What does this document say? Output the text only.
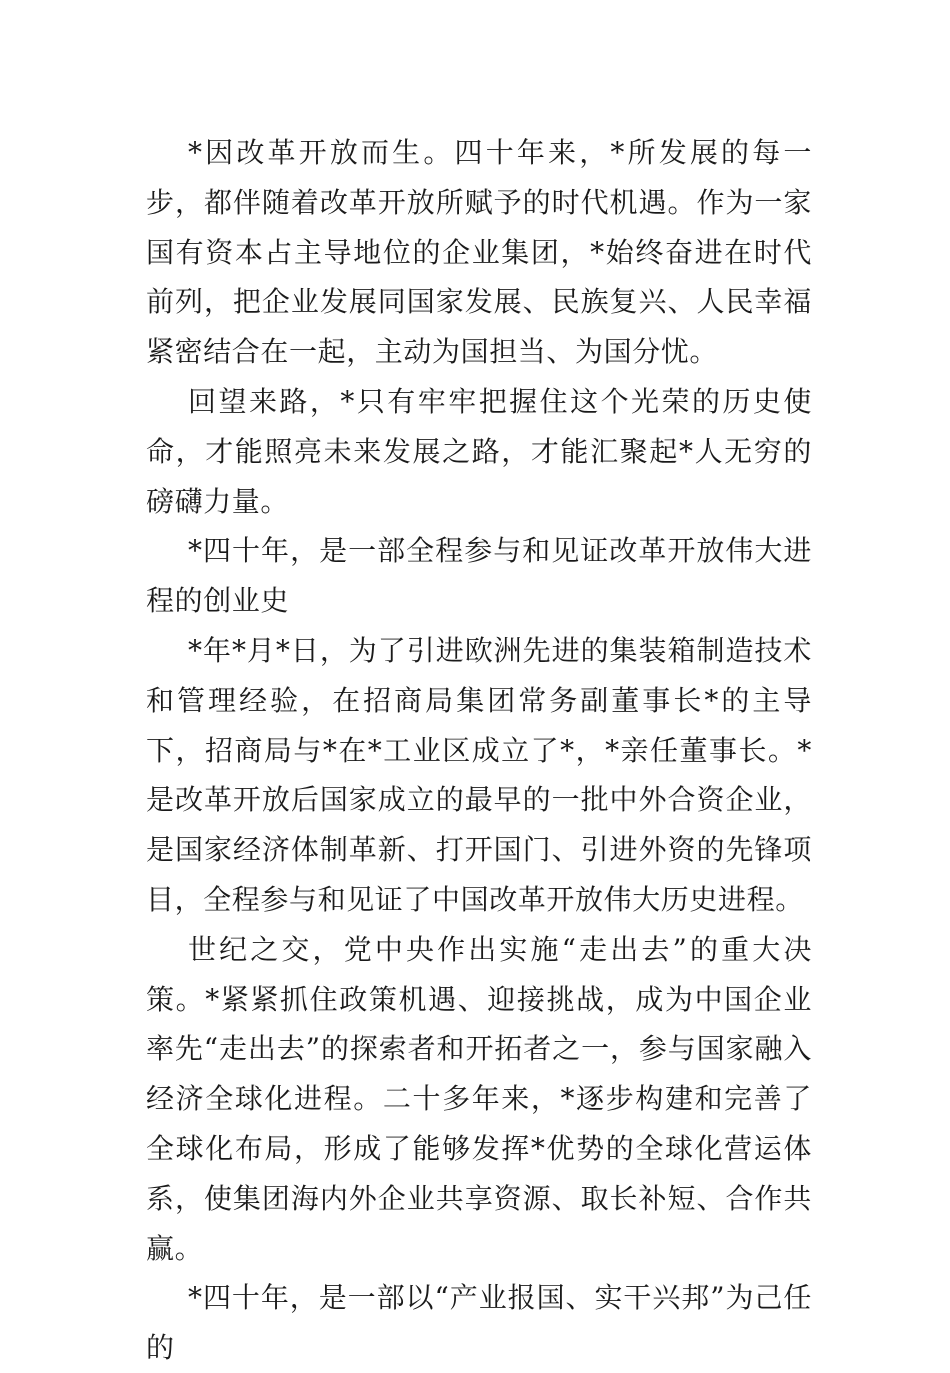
*因改革开放而生。四十年来，*所发展的每一步，都伴随着改革开放所赋予的时代机遇。作为一家国有资本占主导地位的企业集团，*始终奋进在时代前列，把企业发展同国家发展、民族复兴、人民幸福紧密结合在一起，主动为国担当、为国分忧。

回望来路，*只有牢牢把握住这个光荣的历史使命，才能照亮未来发展之路，才能汇聚起*人无穷的磅礴力量。

*四十年，是一部全程参与和见证改革开放伟大进程的创业史

*年*月*日，为了引进欧洲先进的集装箱制造技术和管理经验，在招商局集团常务副董事长*的主导下，招商局与*在*工业区成立了*，*亲任董事长。*是改革开放后国家成立的最早的一批中外合资企业，是国家经济体制革新、打开国门、引进外资的先锋项目，全程参与和见证了中国改革开放伟大历史进程。

世纪之交，党中央作出实施“走出去”的重大决策。*紧紧抓住政策机遇、迎接挑战，成为中国企业率先“走出去”的探索者和开拓者之一，参与国家融入经济全球化进程。二十多年来，*逐步构建和完善了全球化布局，形成了能够发挥*优势的全球化营运体系，使集团海内外企业共享资源、取长补短、合作共赢。

*四十年，是一部以“产业报国、实干兴邦”为己任的
